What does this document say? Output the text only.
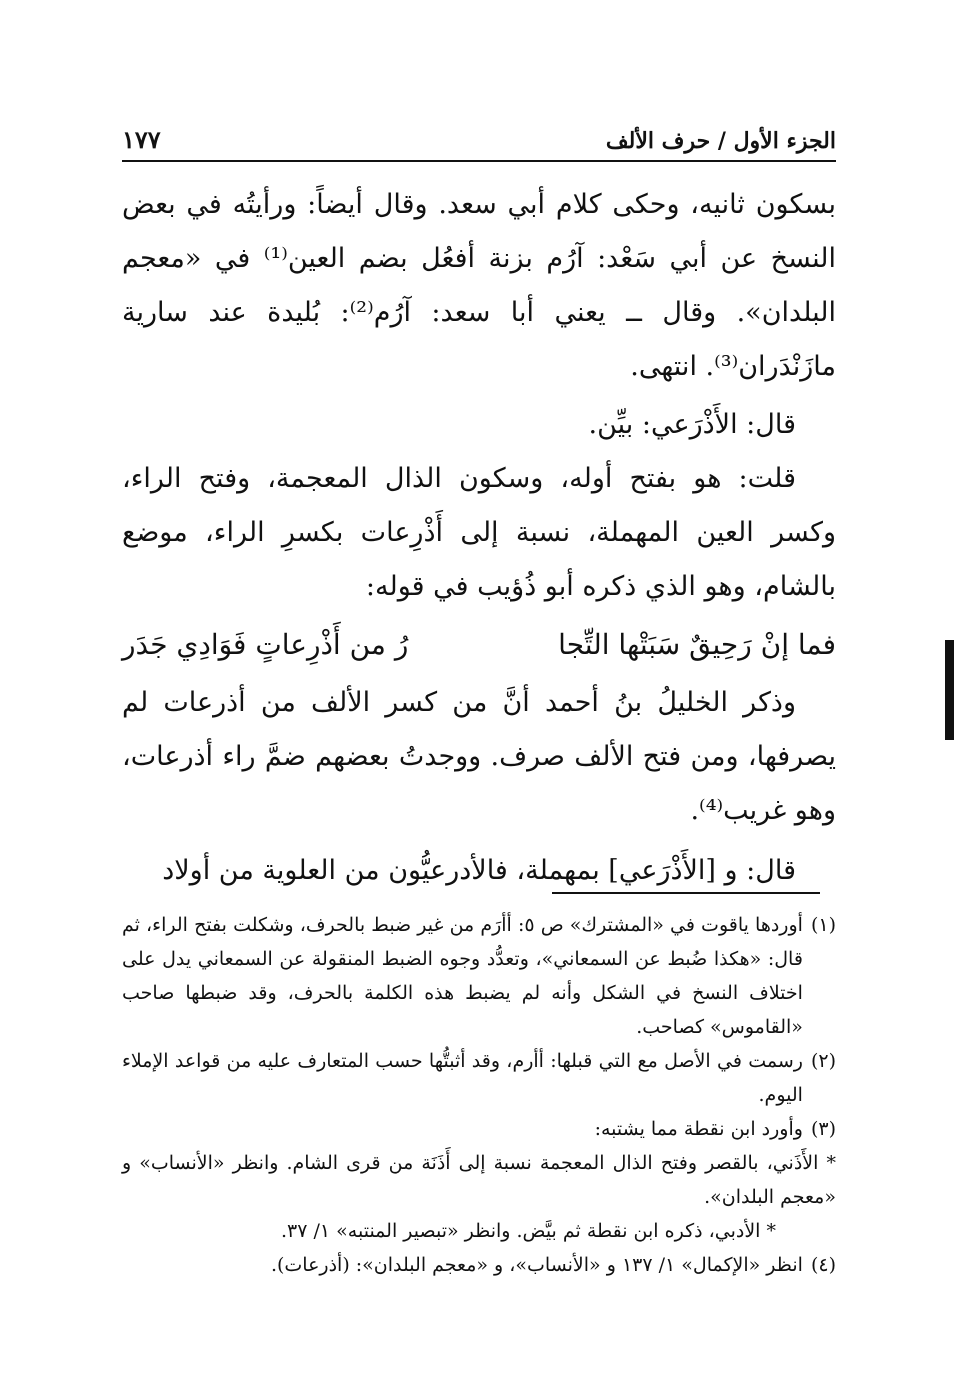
الجزء الأول / حرف الألف
١٧٧

بسكون ثانيه، وحكى كلام أبي سعد. وقال أيضاً: ورأيتُه في بعض النسخ عن أبي سَعْد: آرُم بزنة أفعُل بضم العين⁽¹⁾ في «معجم البلدان». وقال ــ يعني أبا سعد: آرُم⁽²⁾: بُليدة عند سارية مازَنْدَران⁽³⁾. انتهى.

قال: الأَذْرَعي: بيِّن.

قلت: هو بفتح أوله، وسكون الذال المعجمة، وفتح الراء، وكسر العين المهملة، نسبة إلى أَذْرِعات بكسرِ الراء، موضع بالشام، وهو الذي ذكره أبو ذُؤيب في قوله:

فما إنْ رَحِيقٌ سَبَتْها التِّجا
رُ من أَذْرِعاتٍ فَوَادِي جَدَر

وذكر الخليلُ بنُ أحمد أنَّ من كسر الألف من أذرعات لم يصرفها، ومن فتح الألف صرف. ووجدتُ بعضهم ضمَّ راء أذرعات، وهو غريب⁽⁴⁾.

قال: و [الأَذْرَعي] بمهملة، فالأدرعيُّون من العلوية من أولاد

(١)
أوردها ياقوت في «المشترك» ص ٥: أأرَم من غير ضبط بالحرف، وشكلت بفتح الراء، ثم قال: «هكذا ضُبط عن السمعاني»، وتعدُّد وجوه الضبط المنقولة عن السمعاني يدل على اختلاف النسخ في الشكل وأنه لم يضبط هذه الكلمة بالحرف، وقد ضبطها صاحب «القاموس» كصاحب.
(٢)
رسمت في الأصل مع التي قبلها: أأرم، وقد أثبتُّها حسب المتعارف عليه من قواعد الإملاء اليوم.
(٣)
وأورد ابن نقطة مما يشتبه:
* الأَذَني، بالقصر وفتح الذال المعجمة نسبة إلى أَذَنَة من قرى الشام. وانظر «الأنساب» و «معجم البلدان».
* الأدبي، ذكره ابن نقطة ثم بيَّض. وانظر «تبصير المنتبه» ١/ ٣٧.
(٤)
انظر «الإكمال» ١/ ١٣٧ و «الأنساب»، و «معجم البلدان»: (أذرعات).
